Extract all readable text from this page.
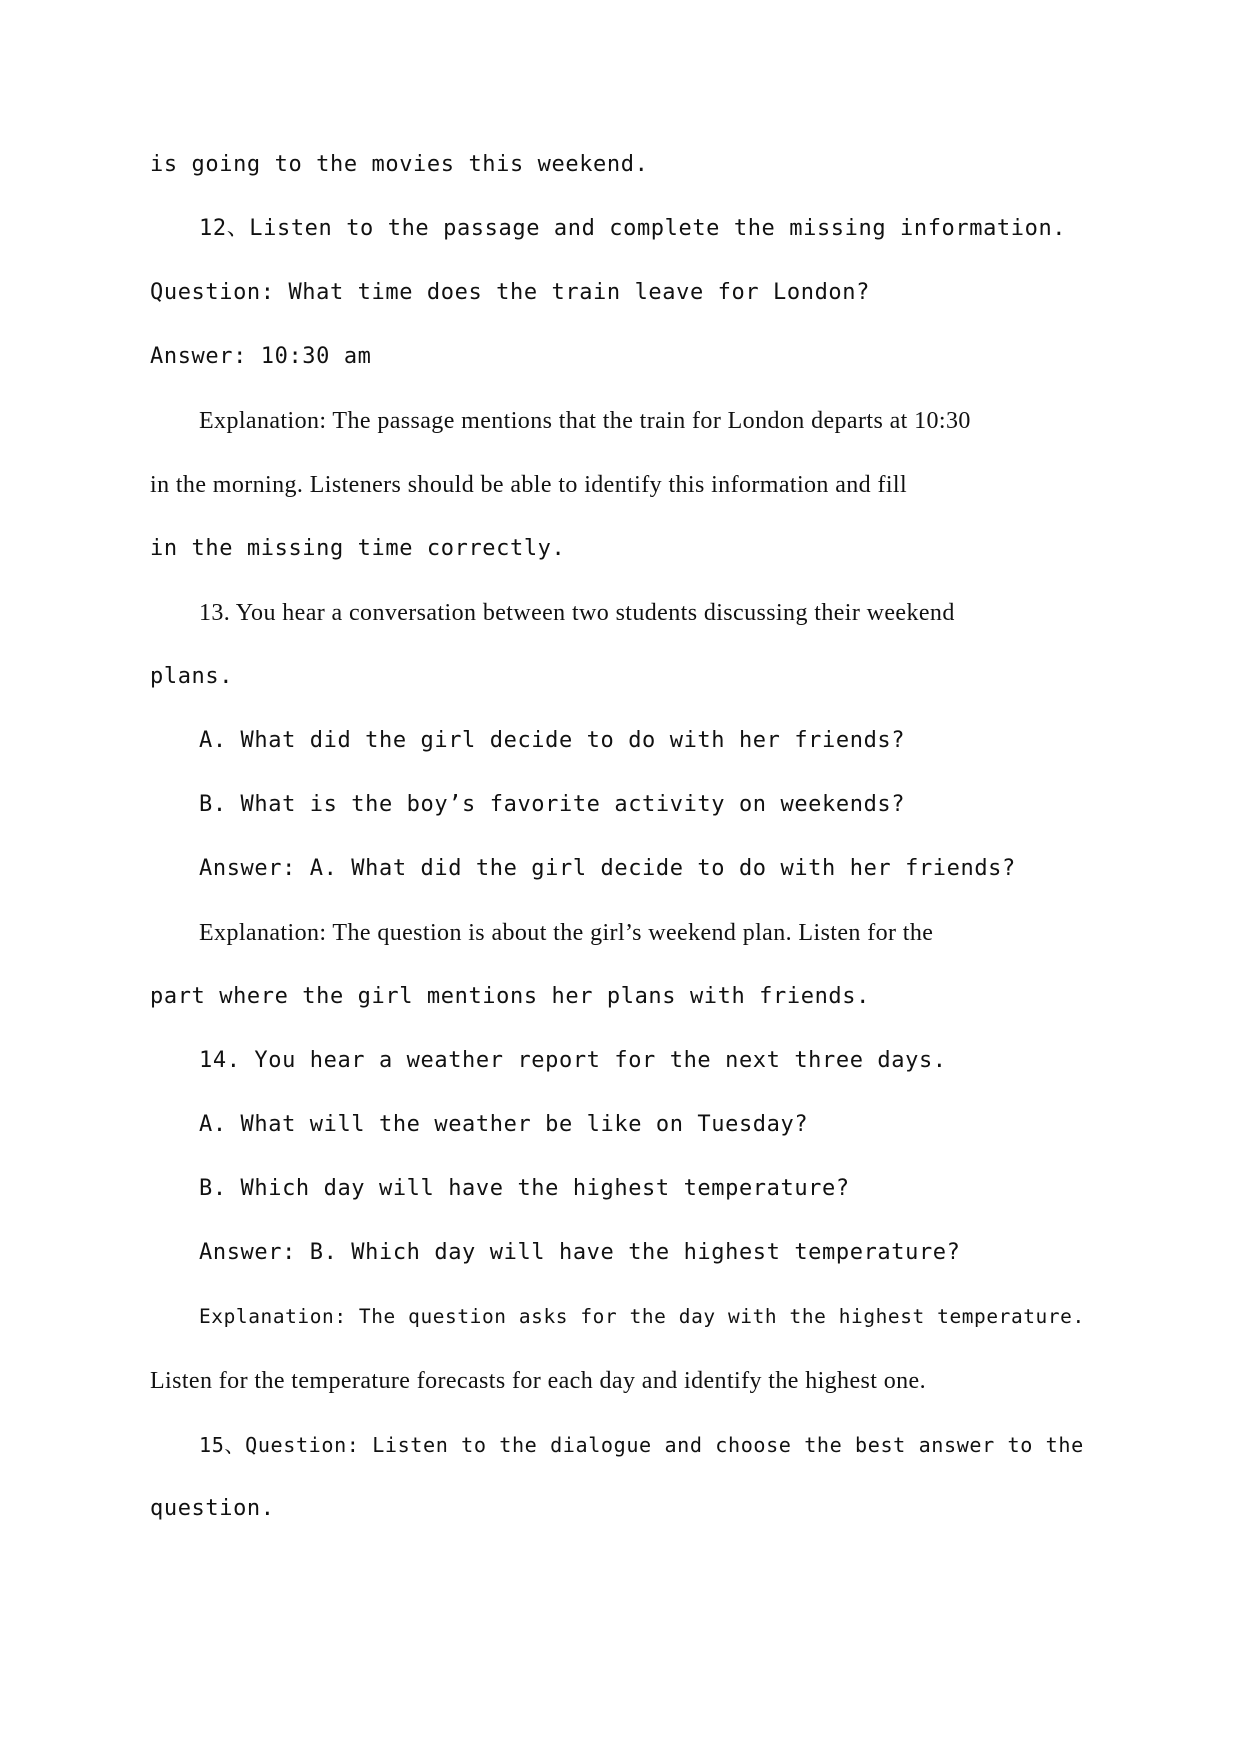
is going to the movies this weekend.
12、Listen to the passage and complete the missing information.
Question: What time does the train leave for London?
Answer: 10:30 am
Explanation: The passage mentions that the train for London departs at 10:30
in the morning. Listeners should be able to identify this information and fill
in the missing time correctly.
13. You hear a conversation between two students discussing their weekend
plans.
A. What did the girl decide to do with her friends?
B. What is the boy’s favorite activity on weekends?
Answer: A. What did the girl decide to do with her friends?
Explanation: The question is about the girl’s weekend plan. Listen for the
part where the girl mentions her plans with friends.
14. You hear a weather report for the next three days.
A. What will the weather be like on Tuesday?
B. Which day will have the highest temperature?
Answer: B. Which day will have the highest temperature?
Explanation: The question asks for the day with the highest temperature.
Listen for the temperature forecasts for each day and identify the highest one.
15、Question: Listen to the dialogue and choose the best answer to the
question.
